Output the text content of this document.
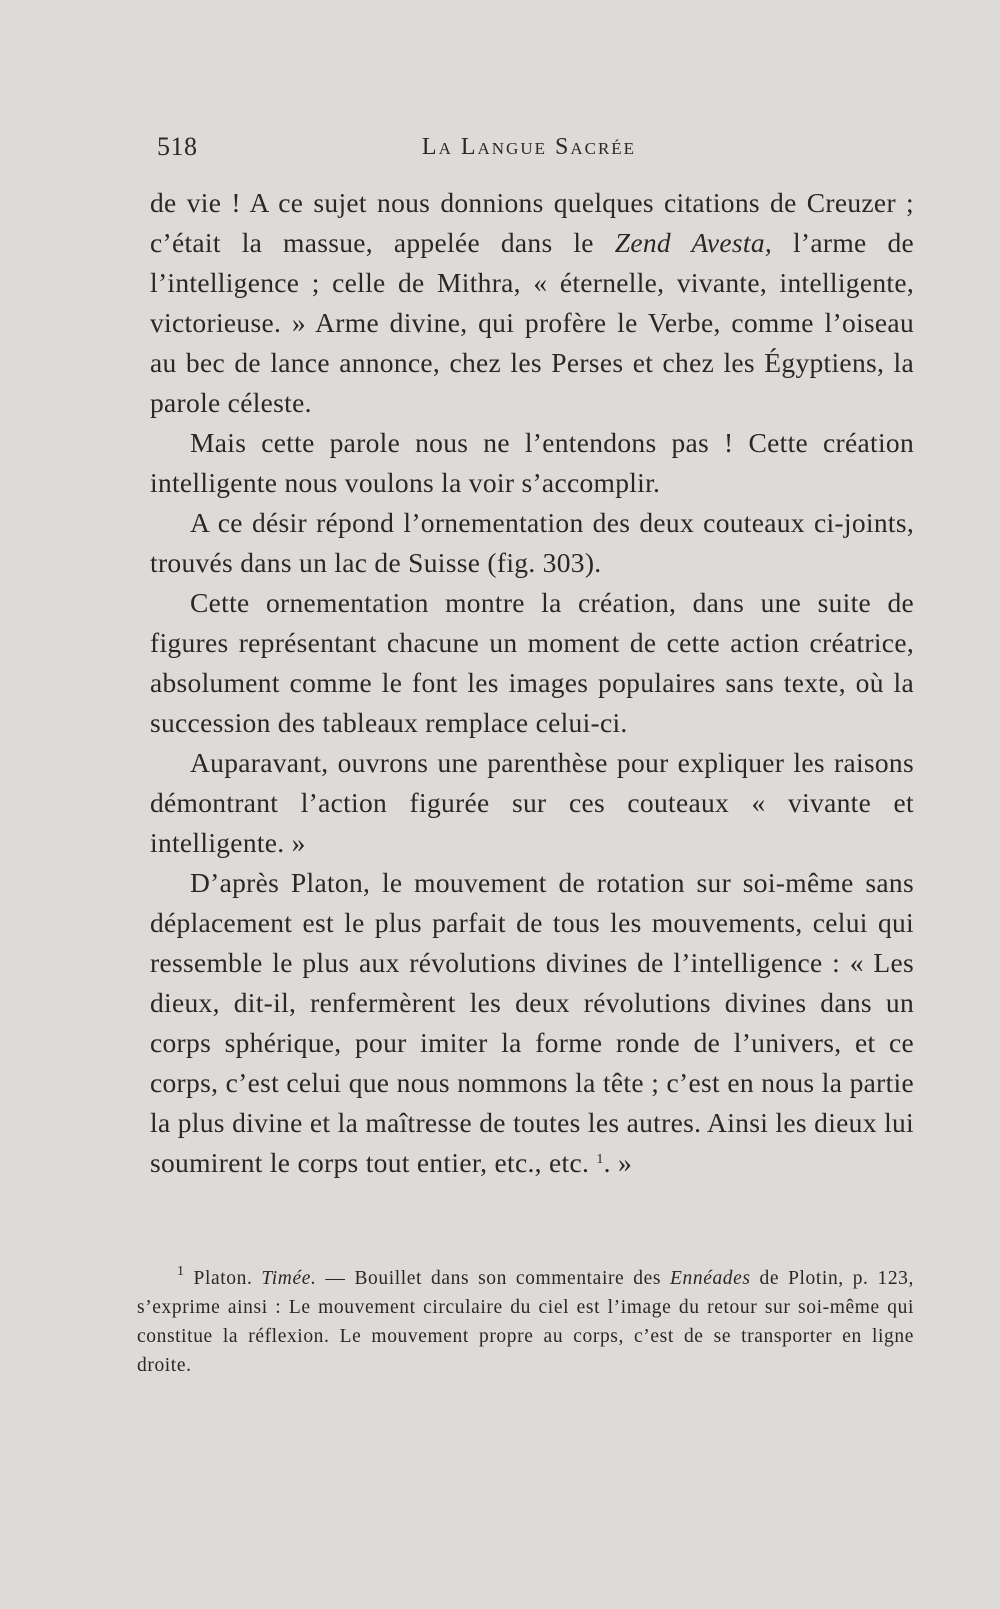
518	La Langue Sacrée

de vie ! A ce sujet nous donnions quelques citations de Creuzer ; c’était la massue, appelée dans le Zend Avesta, l’arme de l’intelligence ; celle de Mithra, « éternelle, vivante, intelligente, victorieuse. » Arme divine, qui profère le Verbe, comme l’oiseau au bec de lance annonce, chez les Perses et chez les Égyptiens, la parole céleste.

Mais cette parole nous ne l’entendons pas ! Cette création intelligente nous voulons la voir s’accomplir.

A ce désir répond l’ornementation des deux couteaux ci-joints, trouvés dans un lac de Suisse (fig. 303).

Cette ornementation montre la création, dans une suite de figures représentant chacune un moment de cette action créatrice, absolument comme le font les images populaires sans texte, où la succession des tableaux remplace celui-ci.

Auparavant, ouvrons une parenthèse pour expliquer les raisons démontrant l’action figurée sur ces couteaux « vivante et intelligente. »

D’après Platon, le mouvement de rotation sur soi-même sans déplacement est le plus parfait de tous les mouvements, celui qui ressemble le plus aux révolutions divines de l’intelligence : « Les dieux, dit-il, renfermèrent les deux révolutions divines dans un corps sphérique, pour imiter la forme ronde de l’univers, et ce corps, c’est celui que nous nommons la tête ; c’est en nous la partie la plus divine et la maîtresse de toutes les autres. Ainsi les dieux lui soumirent le corps tout entier, etc., etc. $^1$. »

$^1$ Platon. Timée. — Bouillet dans son commentaire des Ennéades de Plotin, p. 123, s’exprime ainsi : Le mouvement circulaire du ciel est l’image du retour sur soi-même qui constitue la réflexion. Le mouvement propre au corps, c’est de se transporter en ligne droite.
